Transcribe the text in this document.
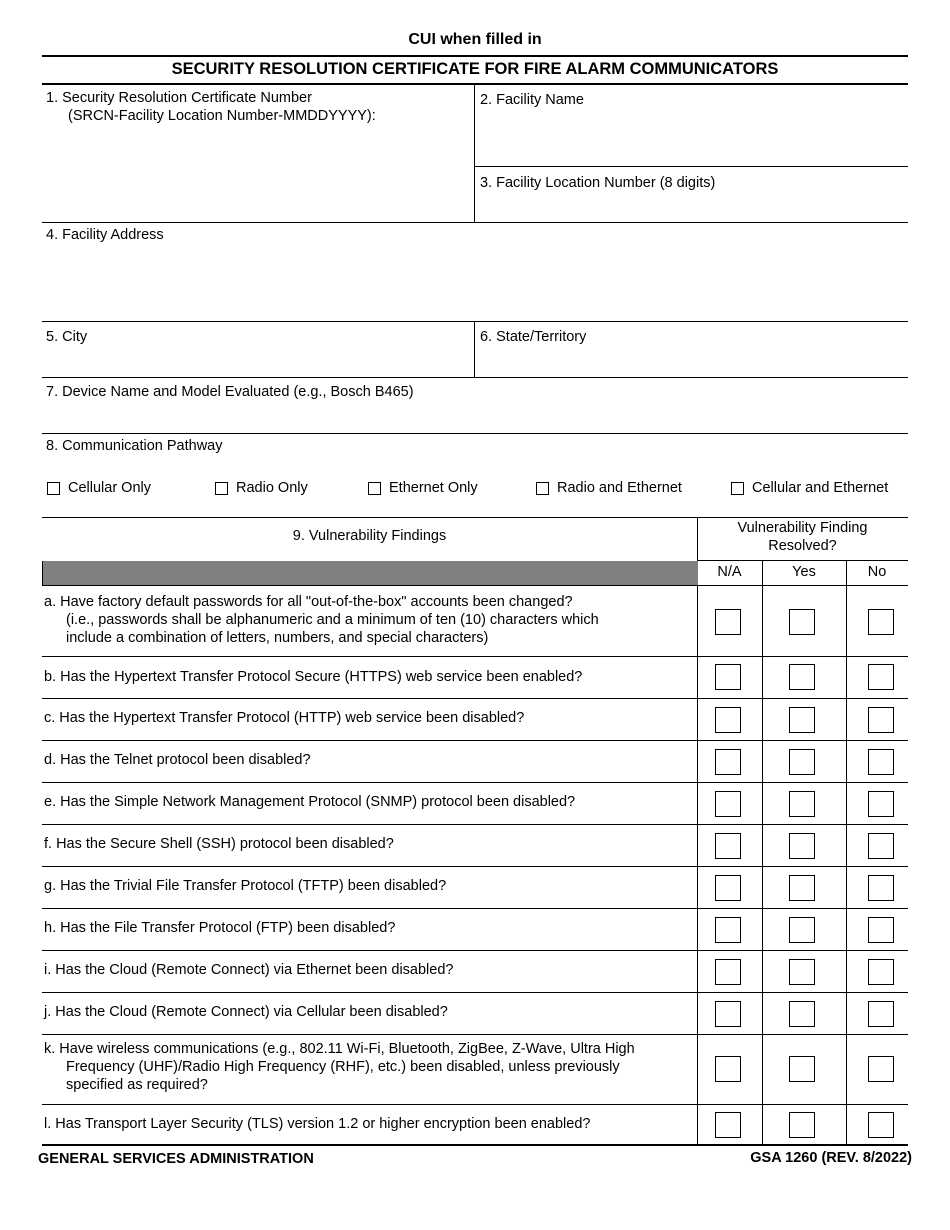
CUI when filled in
SECURITY RESOLUTION CERTIFICATE FOR FIRE ALARM COMMUNICATORS
1. Security Resolution Certificate Number
(SRCN-Facility Location Number-MMDDYYYY):
2. Facility Name
3. Facility Location Number (8 digits)
4. Facility Address
5. City	6. State/Territory
7. Device Name and Model Evaluated (e.g., Bosch B465)
8. Communication Pathway
Cellular Only	Radio Only	Ethernet Only	Radio and Ethernet	Cellular and Ethernet
9. Vulnerability Findings	Vulnerability Finding
Resolved?
N/A	Yes	No
a. Have factory default passwords for all "out-of-the-box" accounts been changed?
(i.e., passwords shall be alphanumeric and a minimum of ten (10) characters which
include a combination of letters, numbers, and special characters)
b. Has the Hypertext Transfer Protocol Secure (HTTPS) web service been enabled?
c. Has the Hypertext Transfer Protocol (HTTP) web service been disabled?
d. Has the Telnet protocol been disabled?
e. Has the Simple Network Management Protocol (SNMP) protocol been disabled?
f. Has the Secure Shell (SSH) protocol been disabled?
g. Has the Trivial File Transfer Protocol (TFTP) been disabled?
h. Has the File Transfer Protocol (FTP) been disabled?
i. Has the Cloud (Remote Connect) via Ethernet been disabled?
j. Has the Cloud (Remote Connect) via Cellular been disabled?
k. Have wireless communications (e.g., 802.11 Wi-Fi, Bluetooth, ZigBee, Z-Wave, Ultra High
Frequency (UHF)/Radio High Frequency (RHF), etc.) been disabled, unless previously
specified as required?
l. Has Transport Layer Security (TLS) version 1.2 or higher encryption been enabled?
GENERAL SERVICES ADMINISTRATION	GSA 1260 (REV. 8/2022)
